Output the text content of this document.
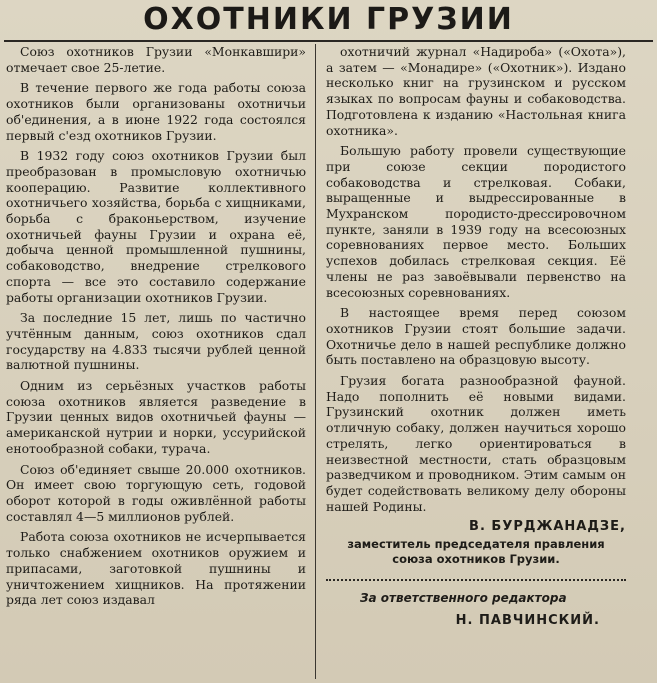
ОХОТНИКИ ГРУЗИИ

Союз охотников Грузии «Монкавшири» отмечает свое 25-летие.

В течение первого же года работы союза охотников были организованы охотничьи об'единения, а в июне 1922 года состоялся первый с'езд охотников Грузии.

В 1932 году союз охотников Грузии был преобразован в промысловую охотничью кооперацию. Развитие коллективного охотничьего хозяйства, борьба с хищниками, борьба с браконьерством, изучение охотничьей фауны Грузии и охрана её, добыча ценной промышленной пушнины, собаководство, внедрение стрелкового спорта — все это составило содержание работы организации охотников Грузии.

За последние 15 лет, лишь по частично учтённым данным, союз охотников сдал государству на 4.833 тысячи рублей ценной валютной пушнины.

Одним из серьёзных участков работы союза охотников является разведение в Грузии ценных видов охотничьей фауны — американской нутрии и норки, уссурийской енотообразной собаки, турача.

Союз об'единяет свыше 20.000 охотников. Он имеет свою торгующую сеть, годовой оборот которой в годы оживлённой работы составлял 4—5 миллионов рублей.

Работа союза охотников не исчерпывается только снабжением охотников оружием и припасами, заготовкой пушнины и уничтожением хищников. На протяжении ряда лет союз издавал

охотничий журнал «Надироба» («Охота»), а затем — «Монадире» («Охотник»). Издано несколько книг на грузинском и русском языках по вопросам фауны и собаководства. Подготовлена к изданию «Настольная книга охотника».

Большую работу провели существующие при союзе секции породистого собаководства и стрелковая. Собаки, выращенные и выдрессированные в Мухранском породисто-дрессировочном пункте, заняли в 1939 году на всесоюзных соревнованиях первое место. Больших успехов добилась стрелковая секция. Её члены не раз завоёвывали первенство на всесоюзных соревнованиях.

В настоящее время перед союзом охотников Грузии стоят большие задачи. Охотничье дело в нашей республике должно быть поставлено на образцовую высоту.

Грузия богата разнообразной фауной. Надо пополнить её новыми видами. Грузинский охотник должен иметь отличную собаку, должен научиться хорошо стрелять, легко ориентироваться в неизвестной местности, стать образцовым разведчиком и проводником. Этим самым он будет содействовать великому делу обороны нашей Родины.

В. БУРДЖАНАДЗЕ,
заместитель председателя правления союза охотников Грузии.
За ответственного редактора
Н. ПАВЧИНСКИЙ.
